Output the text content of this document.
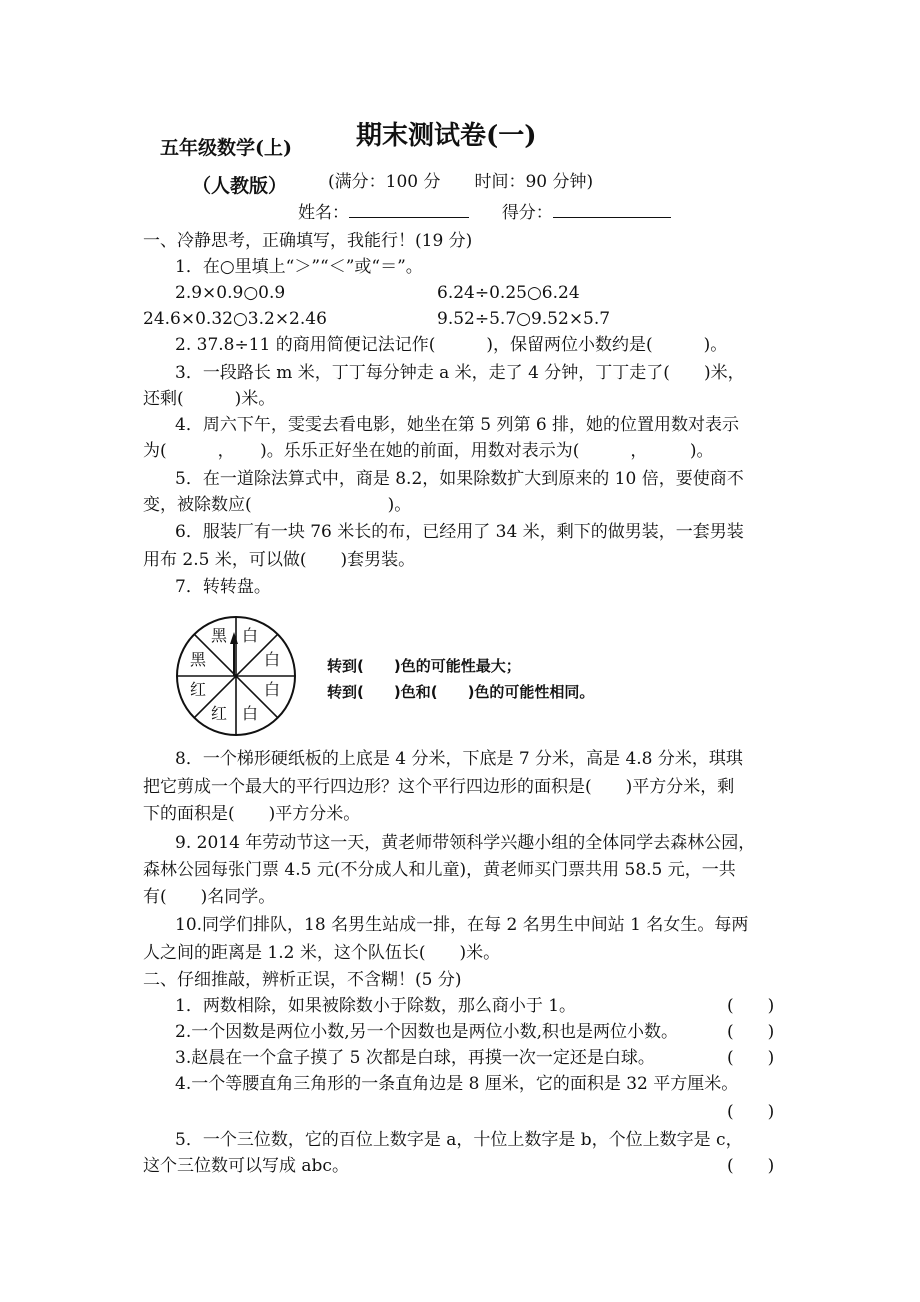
五年级数学(上) 期末测试卷(一)
（人教版） (满分：100 分　　时间：90 分钟)
姓名：	得分：
一、冷静思考，正确填写，我能行！(19 分)
1．在○里填上“＞”“＜”或“＝”。
2.9×0.9○0.9	6.24÷0.25○6.24
24.6×0.32○3.2×2.46	9.52÷5.7○9.52×5.7
2. 37.8÷11 的商用简便记法记作(　　　)，保留两位小数约是(　　　)。
3．一段路长 m 米，丁丁每分钟走 a 米，走了 4 分钟，丁丁走了(　　)米，
还剩(　　　)米。
4．周六下午，雯雯去看电影，她坐在第 5 列第 6 排，她的位置用数对表示
为(　　　，　　)。乐乐正好坐在她的前面，用数对表示为(　　　，　　　)。
5．在一道除法算式中，商是 8.2，如果除数扩大到原来的 10 倍，要使商不
变，被除数应(　　　　　　　　)。
6．服装厂有一块 76 米长的布，已经用了 34 米，剩下的做男装，一套男装
用布 2.5 米，可以做(　　)套男装。
7．转转盘。
黑 白
白
白
白
红
红
黑	转到(　　)色的可能性最大；
转到(　　)色和(　　)色的可能性相同。
8．一个梯形硬纸板的上底是 4 分米，下底是 7 分米，高是 4.8 分米，琪琪
把它剪成一个最大的平行四边形？这个平行四边形的面积是(　　)平方分米，剩
下的面积是(　　)平方分米。
9. 2014 年劳动节这一天，黄老师带领科学兴趣小组的全体同学去森林公园，
森林公园每张门票 4.5 元(不分成人和儿童)，黄老师买门票共用 58.5 元，一共
有(　　)名同学。
10.同学们排队，18 名男生站成一排，在每 2 名男生中间站 1 名女生。每两
人之间的距离是 1.2 米，这个队伍长(　　)米。
二、仔细推敲，辨析正误，不含糊！(5 分)
1．两数相除，如果被除数小于除数，那么商小于 1。	(　　)
2.一个因数是两位小数,另一个因数也是两位小数,积也是两位小数。	(　　)
3.赵晨在一个盒子摸了 5 次都是白球，再摸一次一定还是白球。	(　　)
4.一个等腰直角三角形的一条直角边是 8 厘米，它的面积是 32 平方厘米。
(　　)
5．一个三位数，它的百位上数字是 a，十位上数字是 b，个位上数字是 c，
这个三位数可以写成 abc。	(　　)
